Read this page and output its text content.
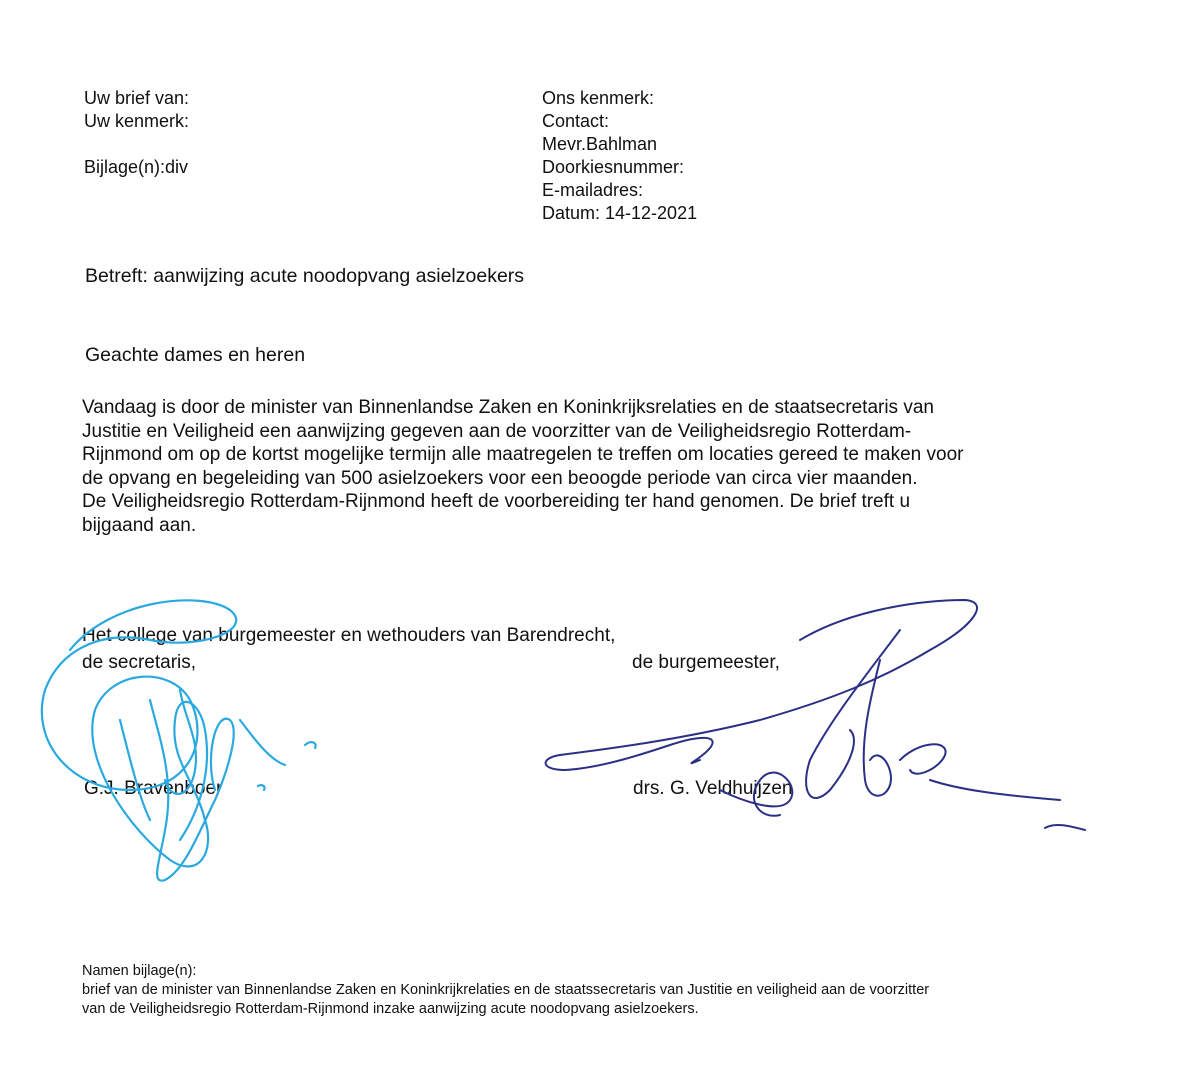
Uw brief van:
Uw kenmerk:
Bijlage(n):div
Ons kenmerk:
Contact:
Mevr.Bahlman
Doorkiesnummer:
E-mailadres:
Datum: 14-12-2021
Betreft: aanwijzing acute noodopvang asielzoekers
Geachte dames en heren
Vandaag is door de minister van Binnenlandse Zaken en Koninkrijksrelaties en de staatsecretaris van
Justitie en Veiligheid een aanwijzing gegeven aan de voorzitter van de Veiligheidsregio Rotterdam-
Rijnmond om op de kortst mogelijke termijn alle maatregelen te treffen om locaties gereed te maken voor
de opvang en begeleiding van 500 asielzoekers voor een beoogde periode van circa vier maanden.
De Veiligheidsregio Rotterdam-Rijnmond heeft de voorbereiding ter hand genomen. De brief treft u
bijgaand aan.
Het college van burgemeester en wethouders van Barendrecht,
de secretaris,	de burgemeester,
G.J. Bravenboer	drs. G. Veldhuijzen
Namen bijlage(n):
brief van de minister van Binnenlandse Zaken en Koninkrijkrelaties en de staatssecretaris van Justitie en veiligheid aan de voorzitter
van de Veiligheidsregio Rotterdam-Rijnmond inzake aanwijzing acute noodopvang asielzoekers.
